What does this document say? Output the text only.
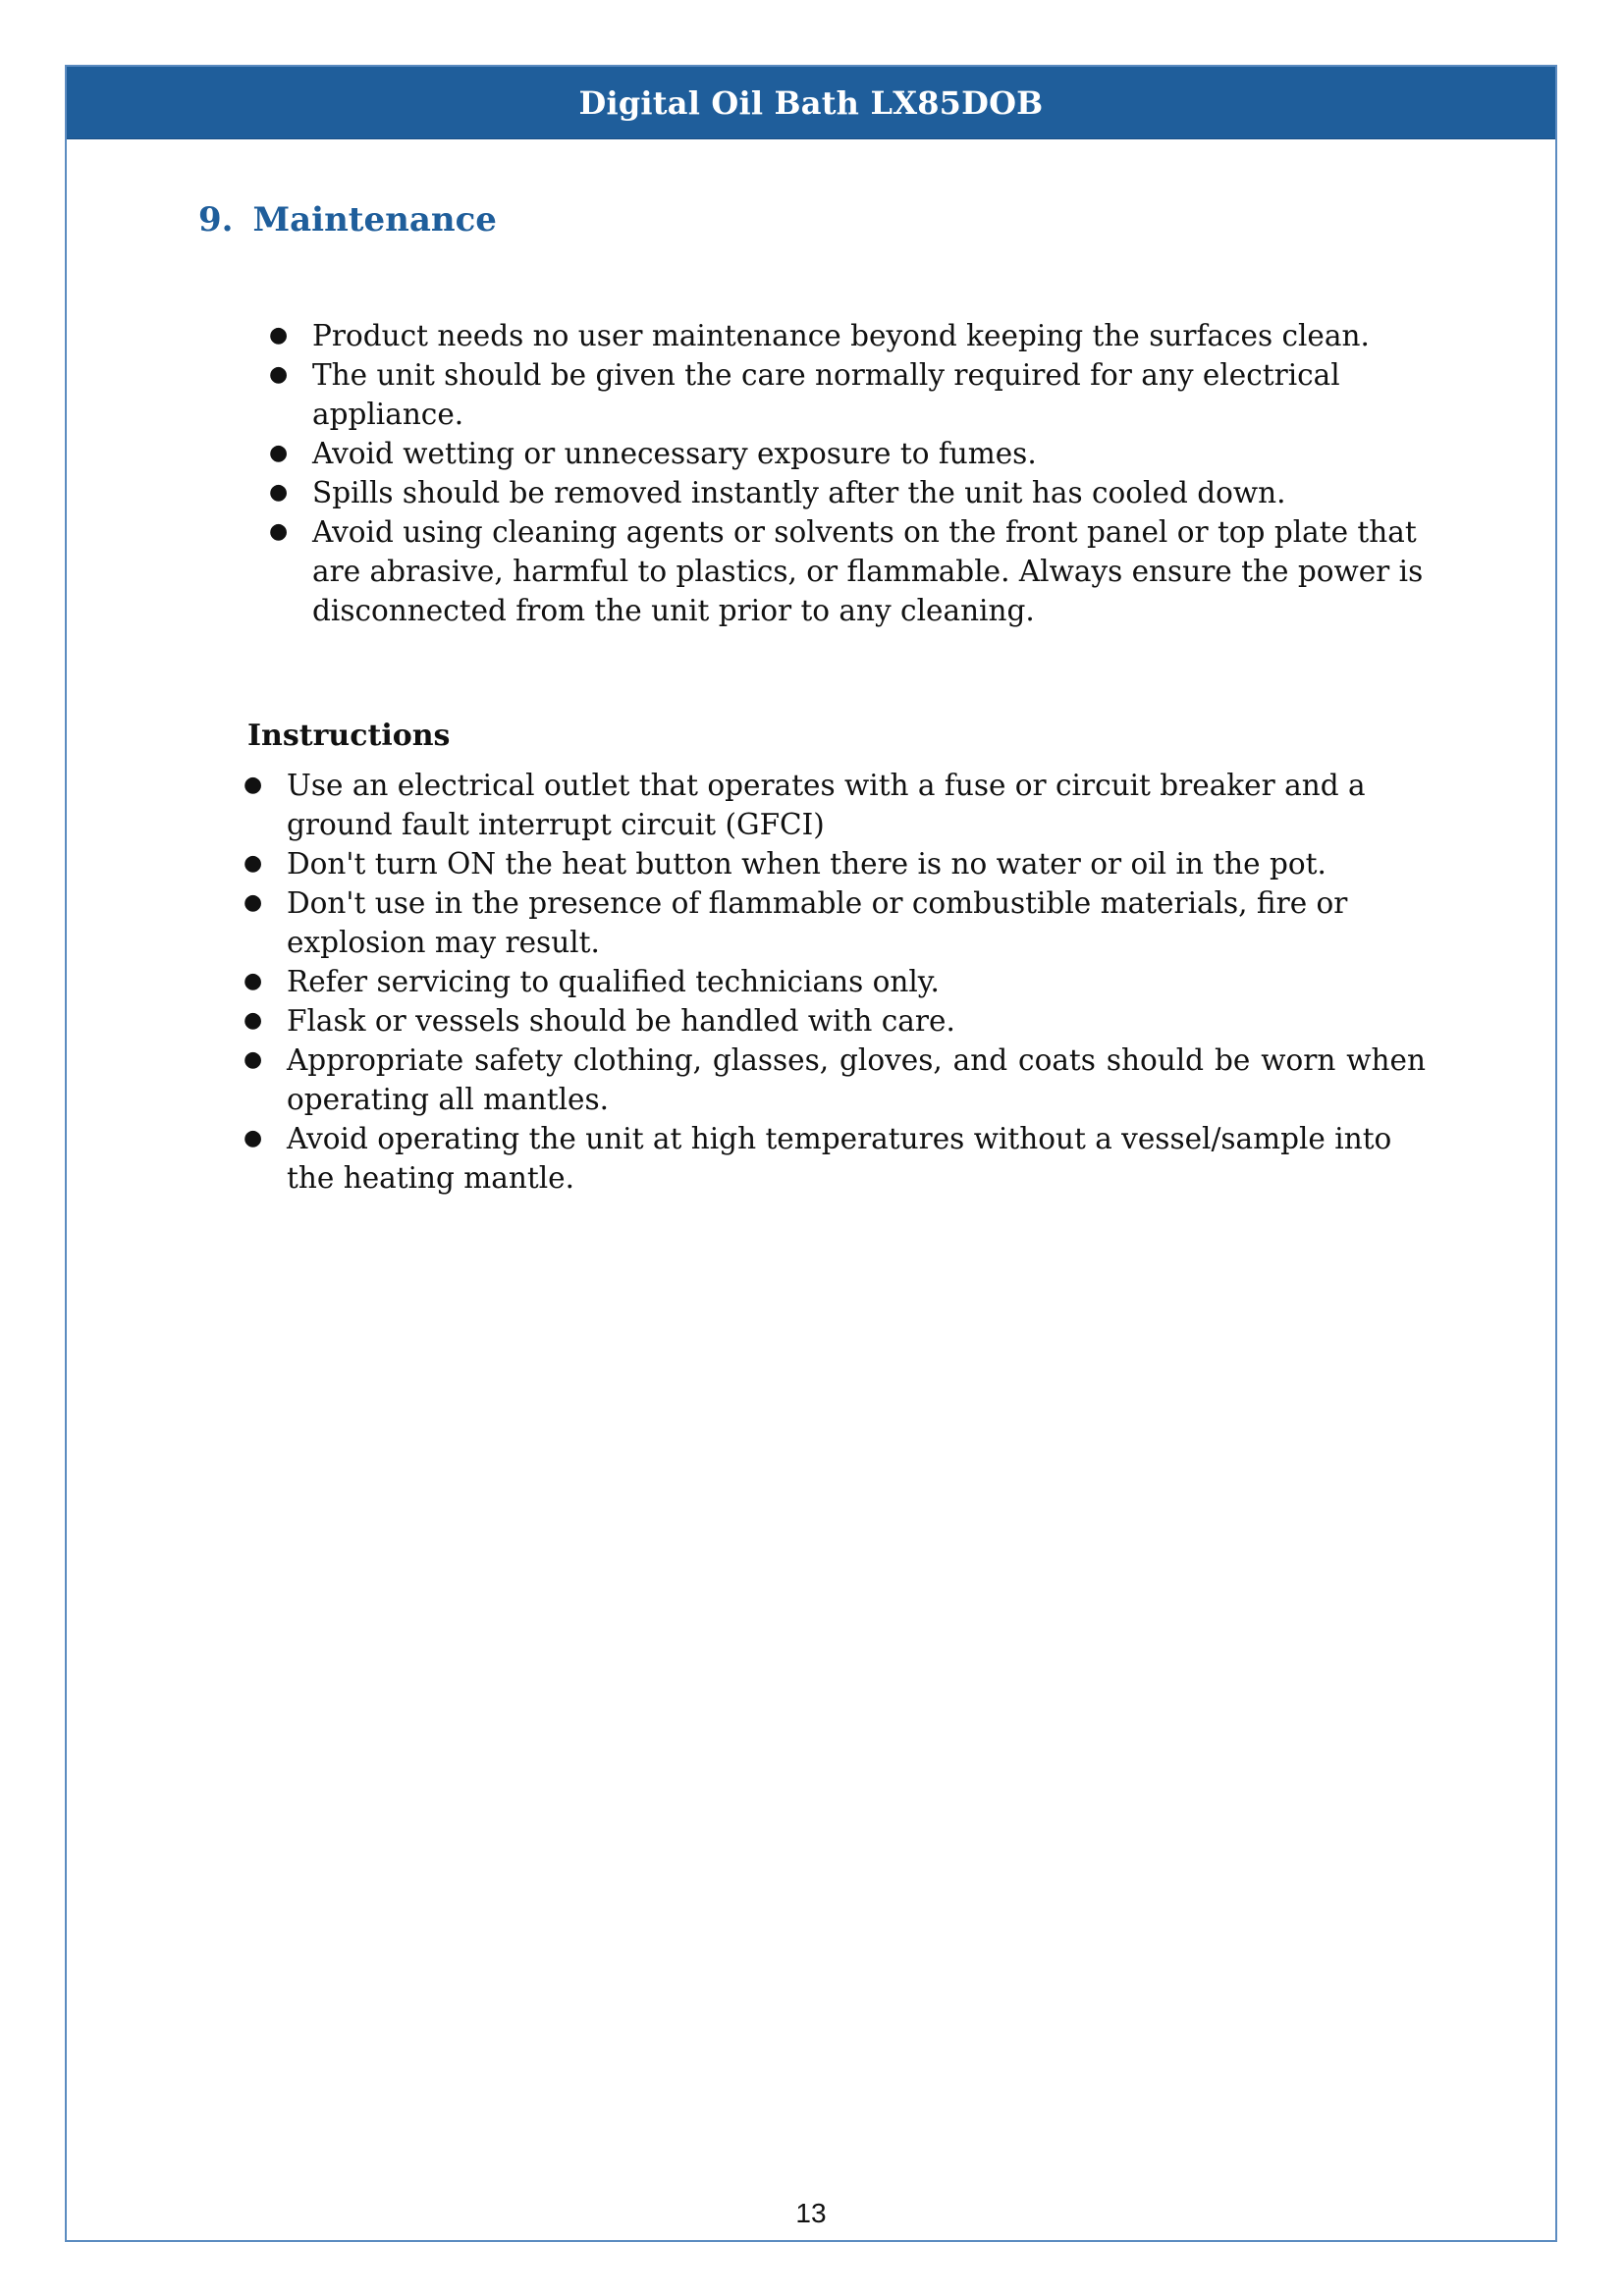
Digital Oil Bath LX85DOB
9. Maintenance
● Product needs no user maintenance beyond keeping the surfaces clean.
● The unit should be given the care normally required for any electrical appliance.
● Avoid wetting or unnecessary exposure to fumes.
● Spills should be removed instantly after the unit has cooled down.
● Avoid using cleaning agents or solvents on the front panel or top plate that are abrasive, harmful to plastics, or flammable. Always ensure the power is disconnected from the unit prior to any cleaning.
Instructions
● Use an electrical outlet that operates with a fuse or circuit breaker and a ground fault interrupt circuit (GFCI)
● Don't turn ON the heat button when there is no water or oil in the pot.
● Don't use in the presence of flammable or combustible materials, fire or explosion may result.
● Refer servicing to qualified technicians only.
● Flask or vessels should be handled with care.
● Appropriate safety clothing, glasses, gloves, and coats should be worn when operating all mantles.
● Avoid operating the unit at high temperatures without a vessel/sample into the heating mantle.
13
